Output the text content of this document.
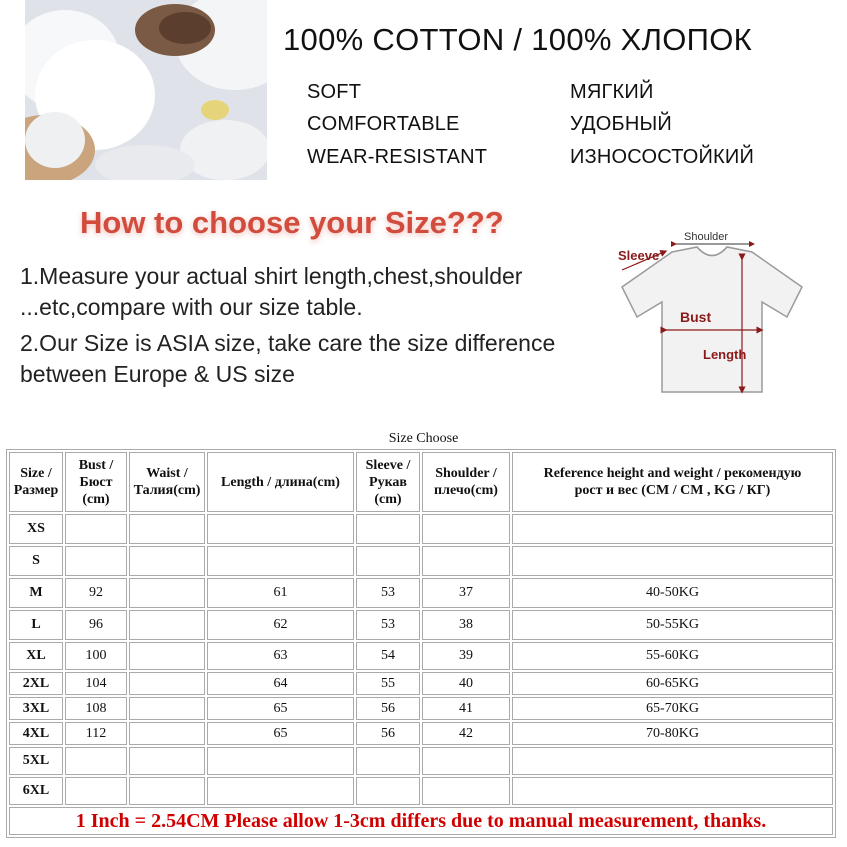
100% COTTON / 100% ХЛОПОК
SOFT
COMFORTABLE
WEAR-RESISTANT
МЯГКИЙ
УДОБНЫЙ
ИЗНОСОСТОЙКИЙ
How to choose your Size???
1.Measure your actual shirt length,chest,shoulder
...etc,compare with our size table.
2.Our Size is ASIA size, take care the size difference
between Europe & US size
Shoulder
Sleeve
Bust
Length
Size Choose
Size /
Размер	Bust /
Бюст
(cm)	Waist /
Талия(cm)	Length / длина(cm)	Sleeve /
Рукав
(cm)	Shoulder /
плечо(cm)	Reference height and weight / рекомендую
рост и вес (CM / CM , KG / КГ)
XS						
S						
M	92		61	53	37	40-50KG
L	96		62	53	38	50-55KG
XL	100		63	54	39	55-60KG
2XL	104		64	55	40	60-65KG
3XL	108		65	56	41	65-70KG
4XL	112		65	56	42	70-80KG
5XL						
6XL						
1 Inch = 2.54CM Please allow 1-3cm differs due to manual measurement, thanks.						
